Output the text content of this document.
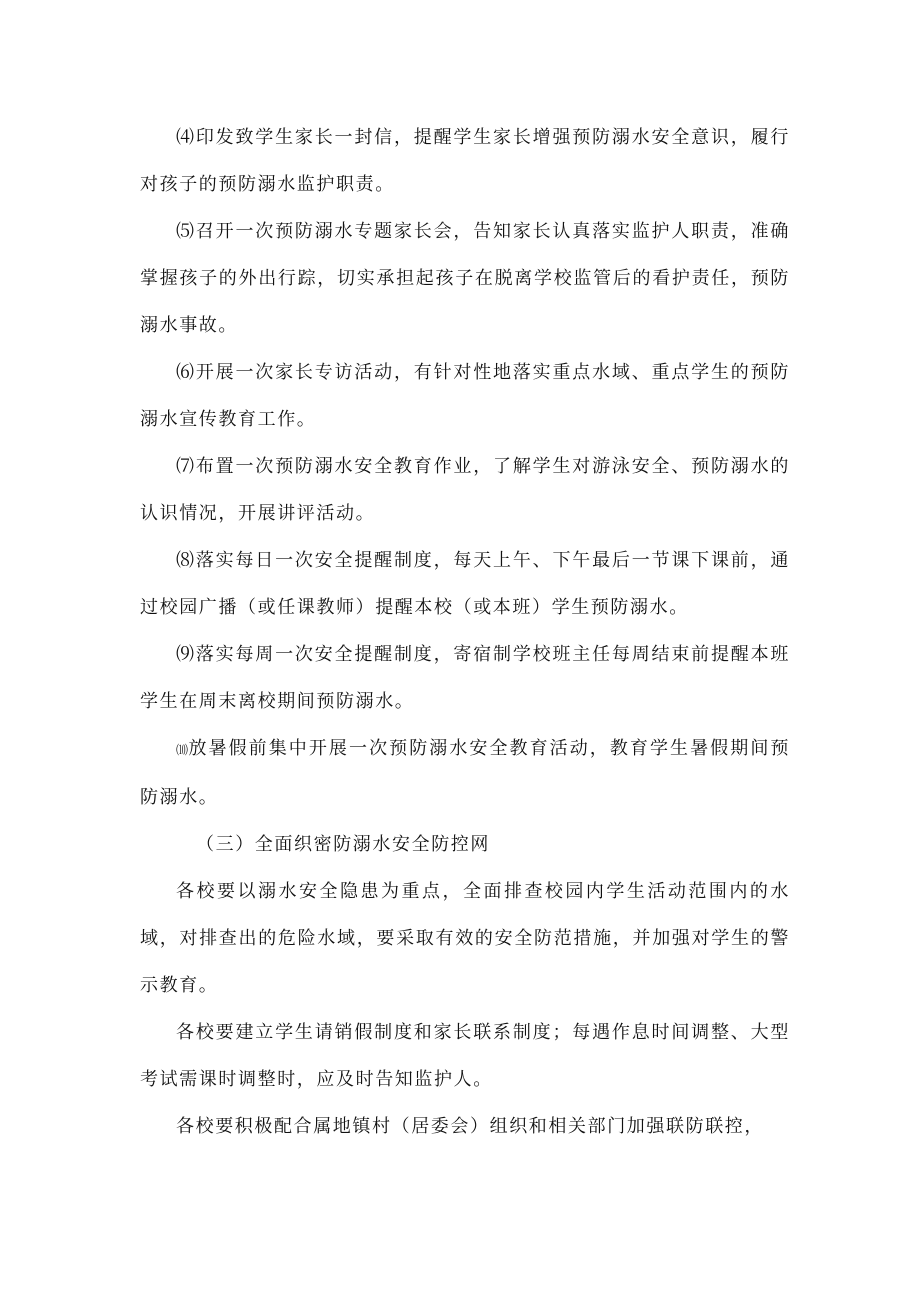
⑷印发致学生家长一封信，提醒学生家长增强预防溺水安全意识，履行对孩子的预防溺水监护职责。

⑸召开一次预防溺水专题家长会，告知家长认真落实监护人职责，准确掌握孩子的外出行踪，切实承担起孩子在脱离学校监管后的看护责任，预防溺水事故。

⑹开展一次家长专访活动，有针对性地落实重点水域、重点学生的预防溺水宣传教育工作。

⑺布置一次预防溺水安全教育作业，了解学生对游泳安全、预防溺水的认识情况，开展讲评活动。

⑻落实每日一次安全提醒制度，每天上午、下午最后一节课下课前，通过校园广播（或任课教师）提醒本校（或本班）学生预防溺水。

⑼落实每周一次安全提醒制度，寄宿制学校班主任每周结束前提醒本班学生在周末离校期间预防溺水。

⑽放暑假前集中开展一次预防溺水安全教育活动，教育学生暑假期间预防溺水。

（三）全面织密防溺水安全防控网

各校要以溺水安全隐患为重点，全面排查校园内学生活动范围内的水域，对排查出的危险水域，要采取有效的安全防范措施，并加强对学生的警示教育。

各校要建立学生请销假制度和家长联系制度；每遇作息时间调整、大型考试需课时调整时，应及时告知监护人。

各校要积极配合属地镇村（居委会）组织和相关部门加强联防联控，
